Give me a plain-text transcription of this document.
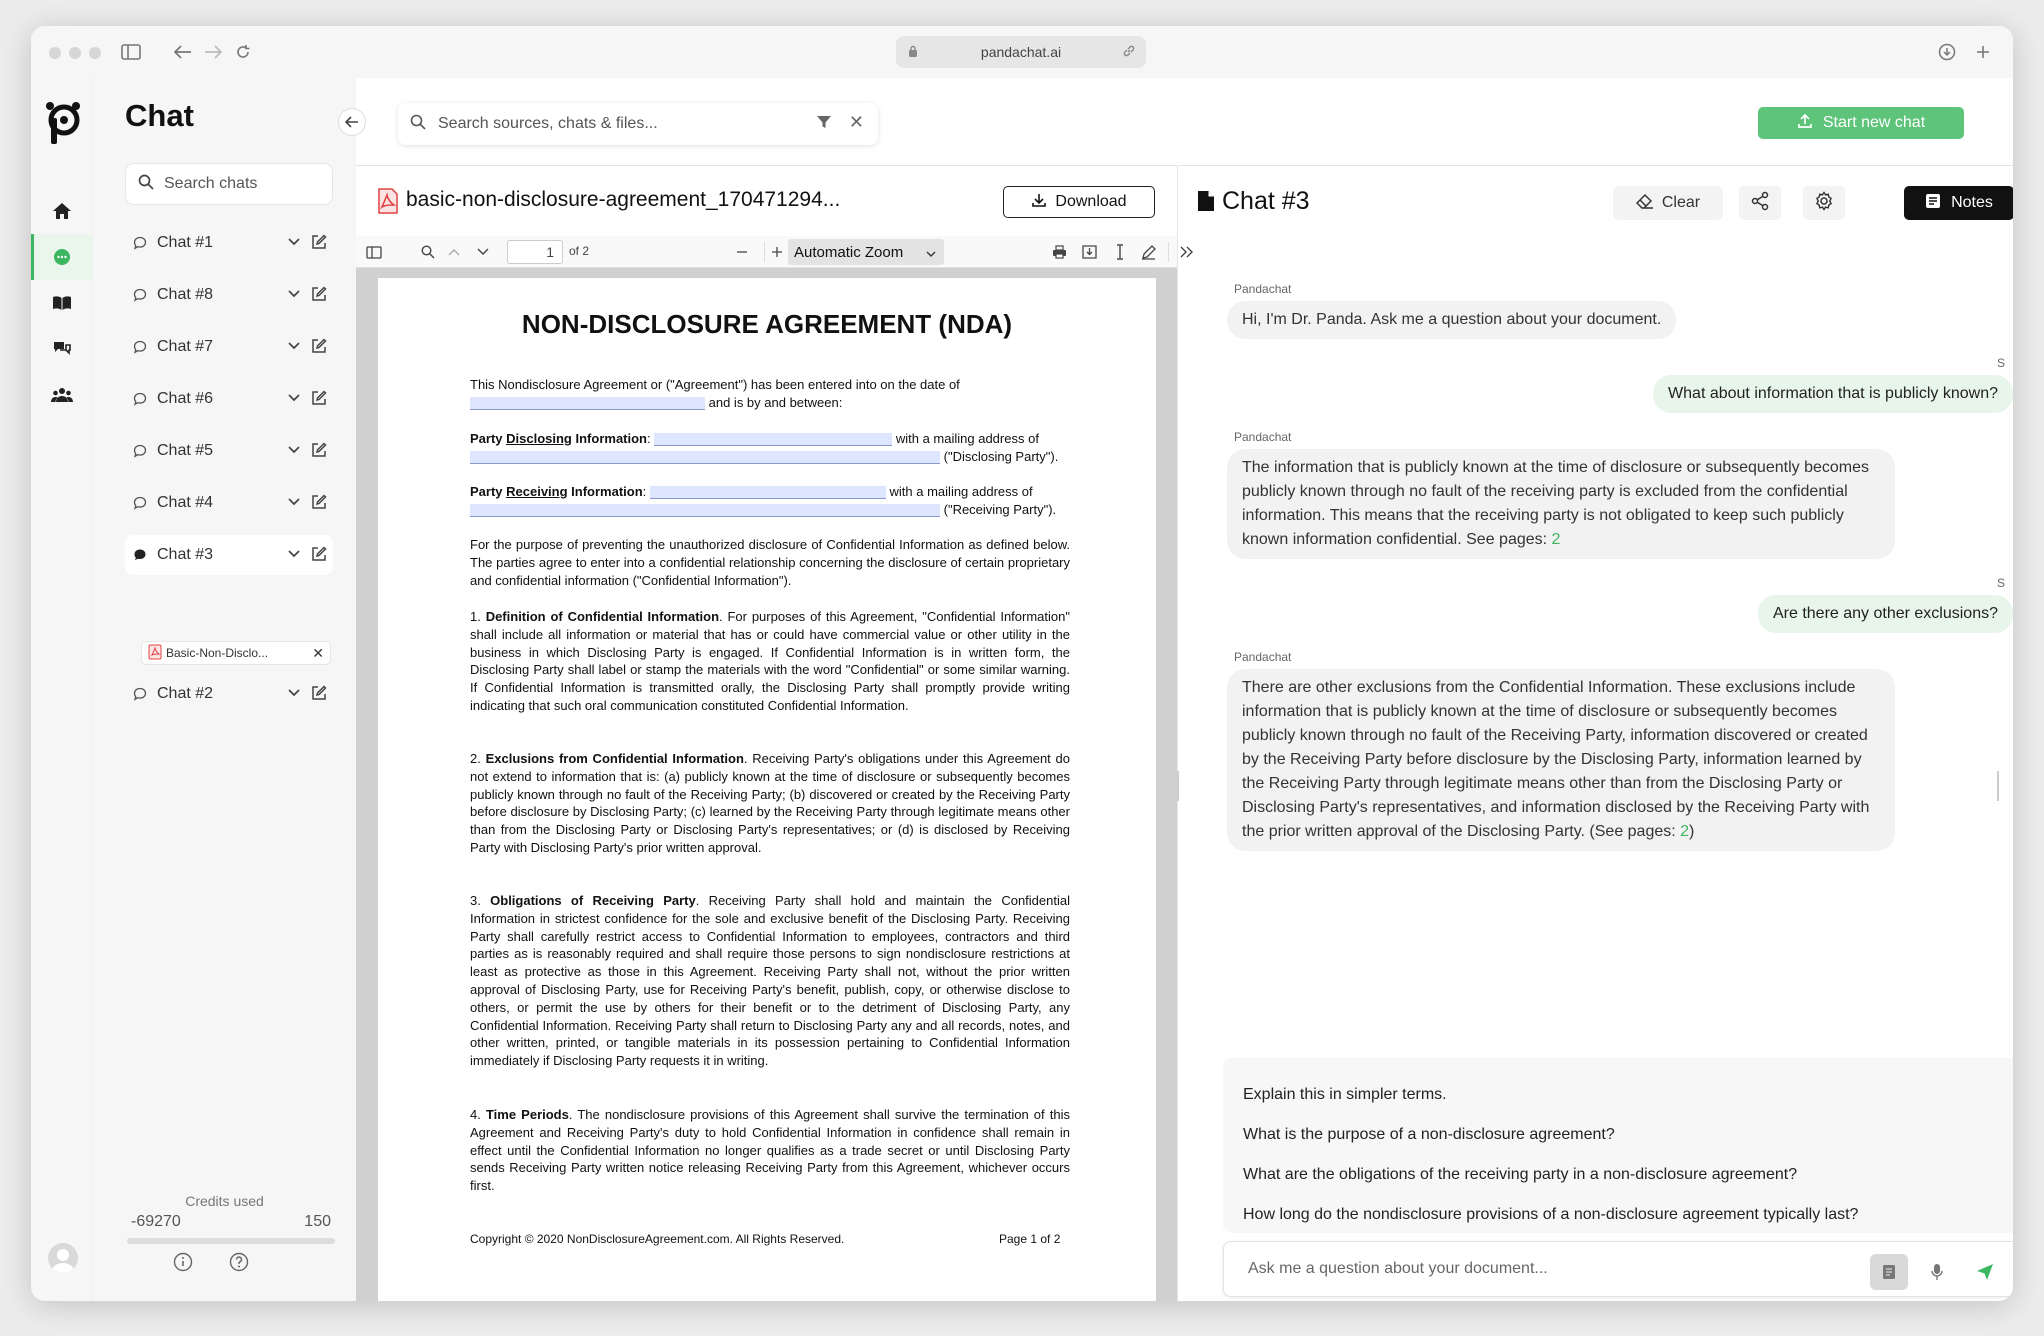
pandachat.ai
Chat
Search chats
Chat #1
Chat #8
Chat #7
Chat #6
Chat #5
Chat #4
Chat #3
Basic-Non-Disclo...	✕
Chat #2
Credits used
-69270	150
Search sources, chats & files...	✕	Start new chat
basic-non-disclosure-agreement_170471294...	Download
1	of 2	Automatic Zoom
NON-DISCLOSURE AGREEMENT (NDA)
This Nondisclosure Agreement or ("Agreement") has been entered into on the date of
and is by and between:
Party Disclosing Information:	with a mailing address of
("Disclosing Party").
Party Receiving Information:	with a mailing address of
("Receiving Party").
For the purpose of preventing the unauthorized disclosure of Confidential Information as defined below. The parties agree to enter into a confidential relationship concerning the disclosure of certain proprietary and confidential information ("Confidential Information").
1. Definition of Confidential Information. For purposes of this Agreement, "Confidential Information" shall include all information or material that has or could have commercial value or other utility in the business in which Disclosing Party is engaged. If Confidential Information is in written form, the Disclosing Party shall label or stamp the materials with the word "Confidential" or some similar warning. If Confidential Information is transmitted orally, the Disclosing Party shall promptly provide writing indicating that such oral communication constituted Confidential Information.
2. Exclusions from Confidential Information. Receiving Party's obligations under this Agreement do not extend to information that is: (a) publicly known at the time of disclosure or subsequently becomes publicly known through no fault of the Receiving Party; (b) discovered or created by the Receiving Party before disclosure by Disclosing Party; (c) learned by the Receiving Party through legitimate means other than from the Disclosing Party or Disclosing Party's representatives; or (d) is disclosed by Receiving Party with Disclosing Party's prior written approval.
3. Obligations of Receiving Party. Receiving Party shall hold and maintain the Confidential Information in strictest confidence for the sole and exclusive benefit of the Disclosing Party. Receiving Party shall carefully restrict access to Confidential Information to employees, contractors and third parties as is reasonably required and shall require those persons to sign nondisclosure restrictions at least as protective as those in this Agreement. Receiving Party shall not, without the prior written approval of Disclosing Party, use for Receiving Party's benefit, publish, copy, or otherwise disclose to others, or permit the use by others for their benefit or to the detriment of Disclosing Party, any Confidential Information. Receiving Party shall return to Disclosing Party any and all records, notes, and other written, printed, or tangible materials in its possession pertaining to Confidential Information immediately if Disclosing Party requests it in writing.
4. Time Periods. The nondisclosure provisions of this Agreement shall survive the termination of this Agreement and Receiving Party's duty to hold Confidential Information in confidence shall remain in effect until the Confidential Information no longer qualifies as a trade secret or until Disclosing Party sends Receiving Party written notice releasing Receiving Party from this Agreement, whichever occurs first.
Copyright © 2020 NonDisclosureAgreement.com. All Rights Reserved.	Page 1 of 2
Chat #3	Clear	Notes
Pandachat
Hi, I'm Dr. Panda. Ask me a question about your document.
S
What about information that is publicly known?
Pandachat
The information that is publicly known at the time of disclosure or subsequently becomes publicly known through no fault of the receiving party is excluded from the confidential information. This means that the receiving party is not obligated to keep such publicly known information confidential. See pages: 2
S
Are there any other exclusions?
Pandachat
There are other exclusions from the Confidential Information. These exclusions include information that is publicly known at the time of disclosure or subsequently becomes publicly known through no fault of the Receiving Party, information discovered or created by the Receiving Party before disclosure by the Disclosing Party, information learned by the Receiving Party through legitimate means other than from the Disclosing Party or Disclosing Party's representatives, and information disclosed by the Receiving Party with the prior written approval of the Disclosing Party. (See pages: 2)
Explain this in simpler terms.
What is the purpose of a non-disclosure agreement?
What are the obligations of the receiving party in a non-disclosure agreement?
How long do the nondisclosure provisions of a non-disclosure agreement typically last?
Ask me a question about your document...
